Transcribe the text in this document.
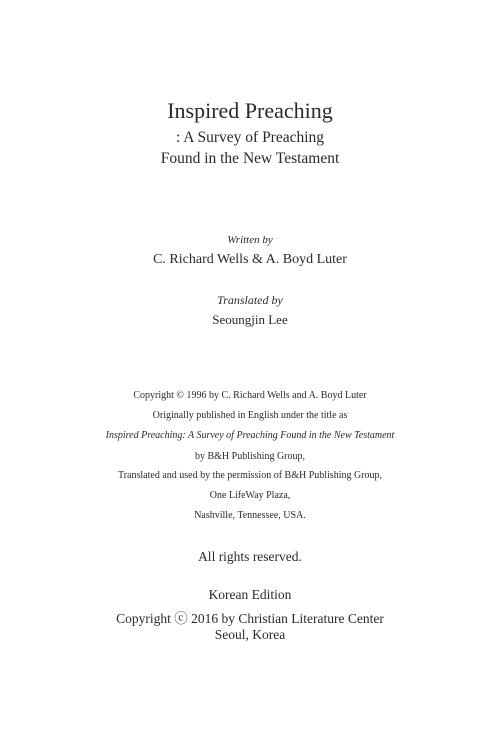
Inspired Preaching
: A Survey of Preaching
Found in the New Testament
Written by
C. Richard Wells & A. Boyd Luter
Translated by
Seoungjin Lee
Copyright © 1996 by C. Richard Wells and A. Boyd Luter
Originally published in English under the title as
Inspired Preaching: A Survey of Preaching Found in the New Testament
by B&H Publishing Group,
Translated and used by the permission of B&H Publishing Group,
One LifeWay Plaza,
Nashville, Tennessee, USA.
All rights reserved.
Korean Edition
Copyright ⓒ 2016 by Christian Literature Center
Seoul, Korea
